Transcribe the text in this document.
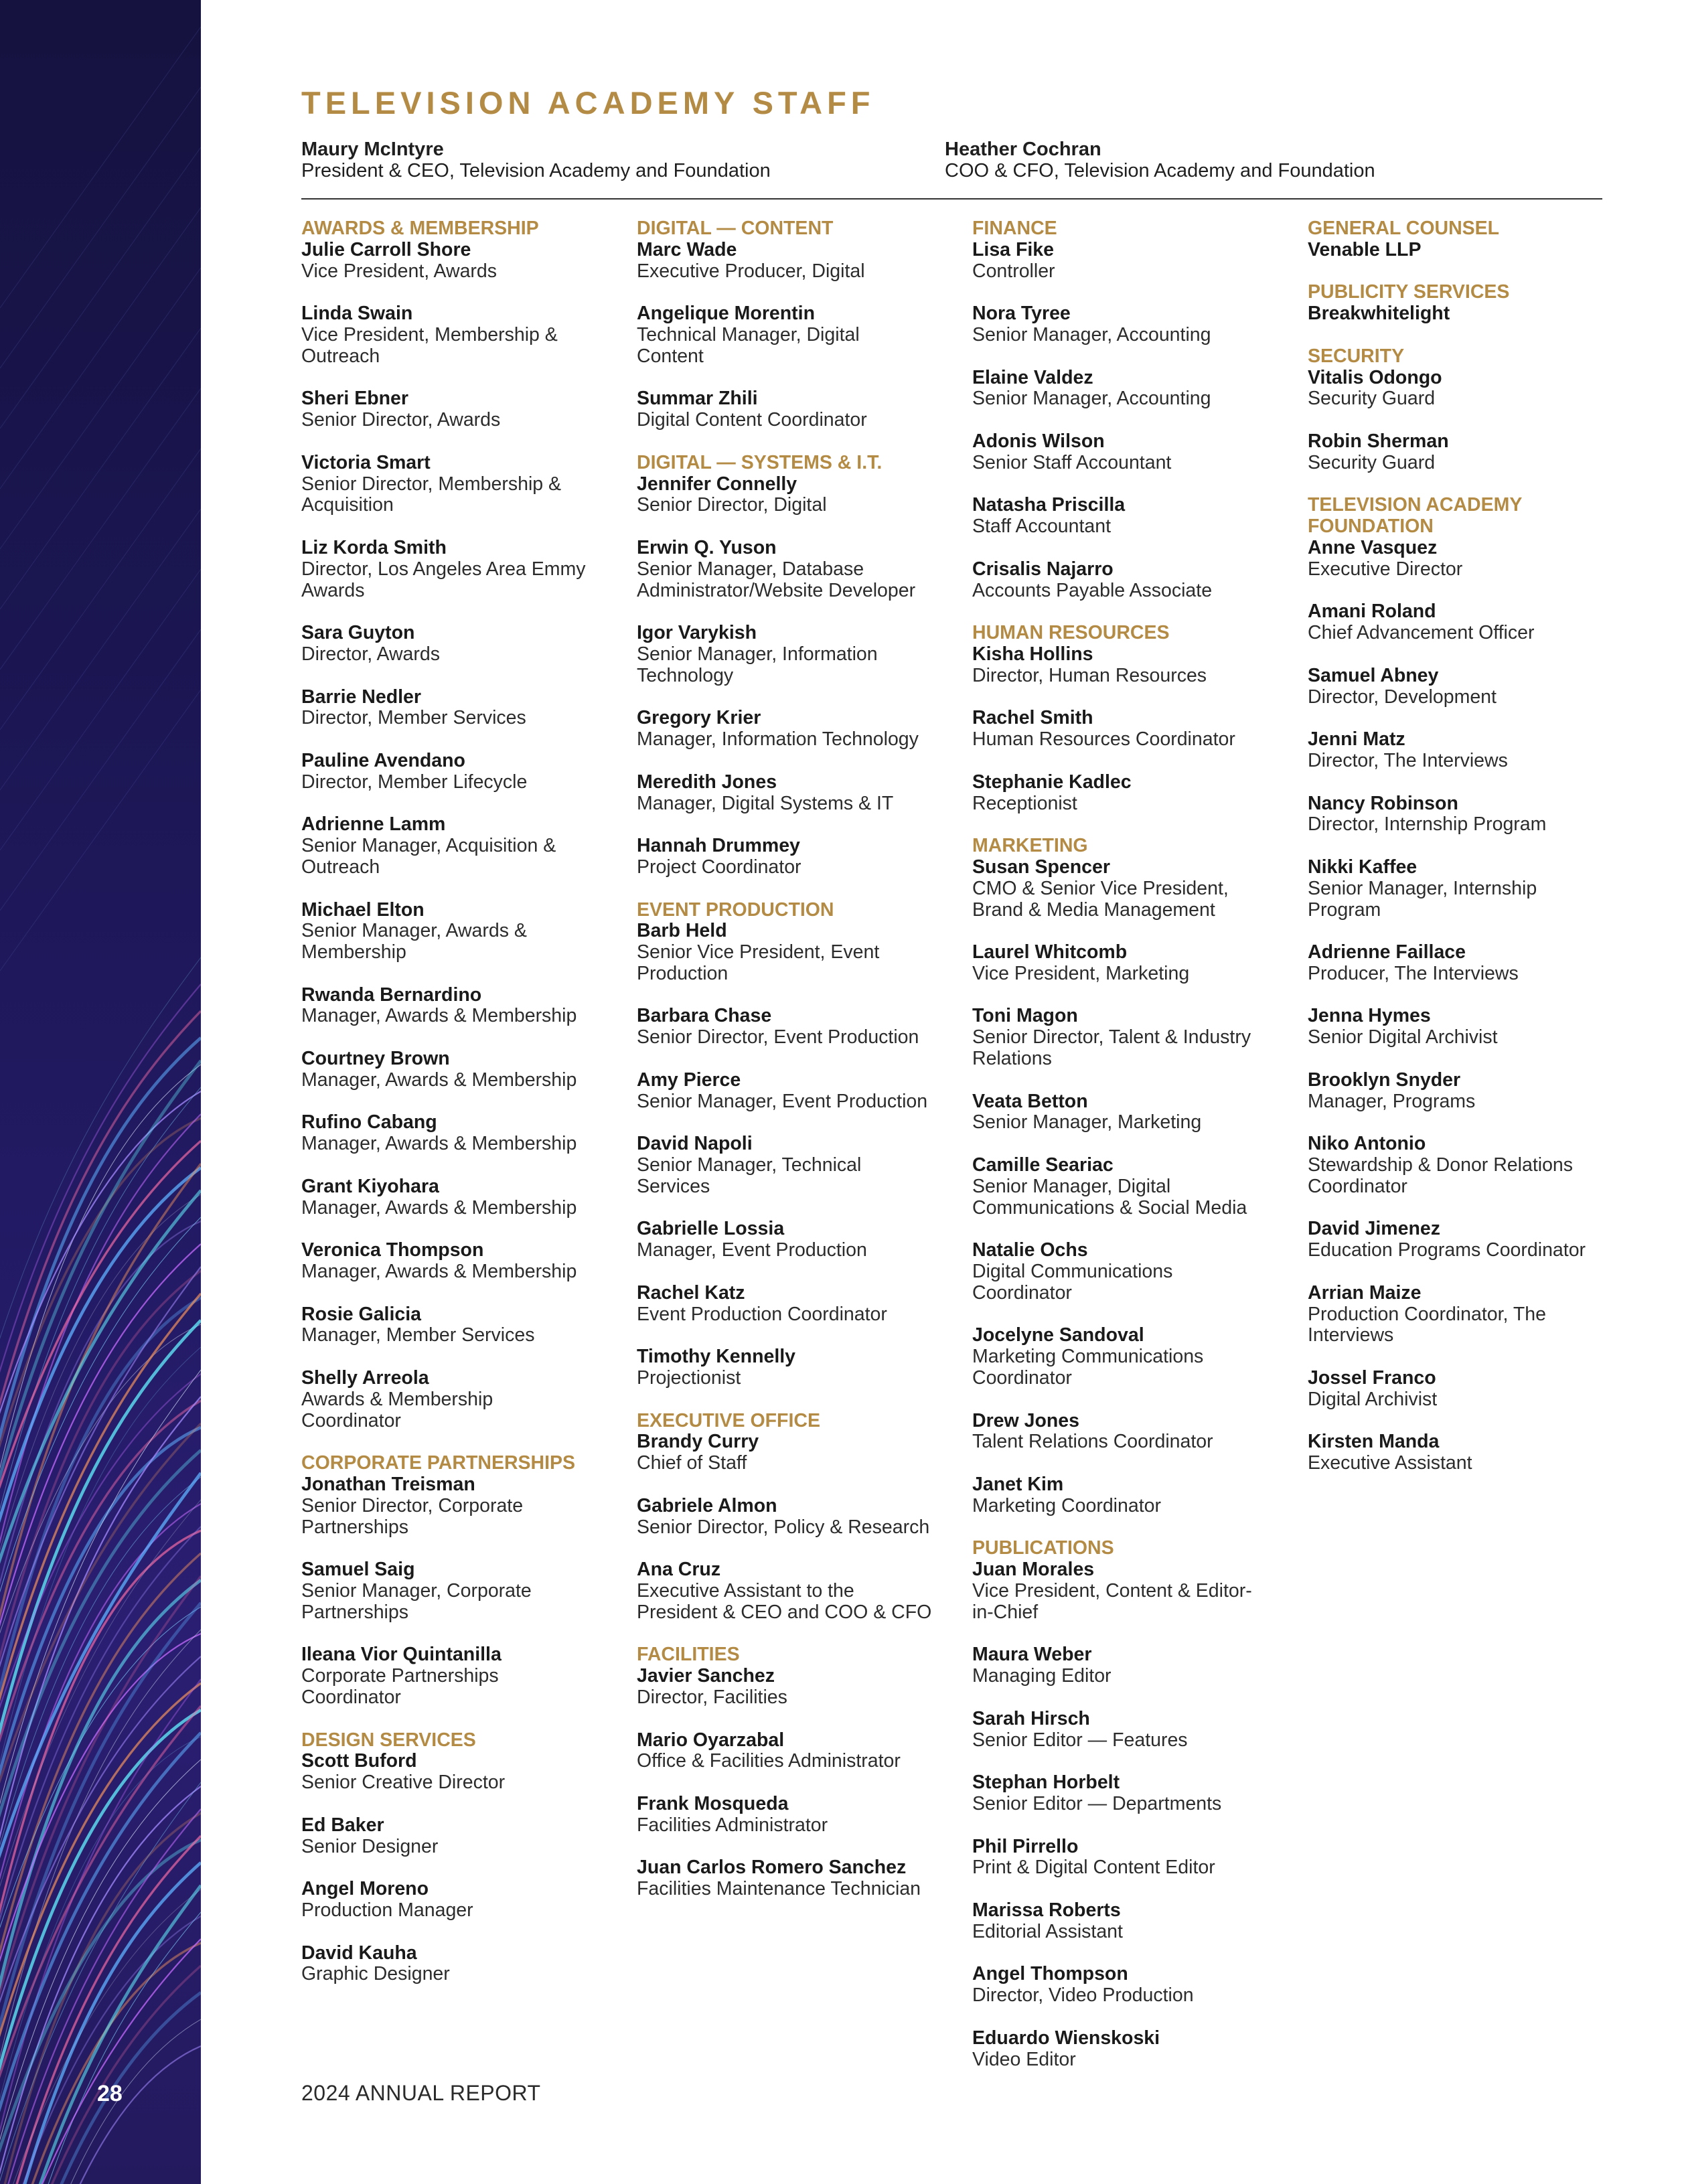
28
TELEVISION ACADEMY STAFF
Maury McIntyre
President & CEO, Television Academy and Foundation
Heather Cochran
COO & CFO, Television Academy and Foundation
AWARDS & MEMBERSHIP
Julie Carroll Shore
Vice President, Awards
Linda Swain
Vice President, Membership &
Outreach
Sheri Ebner
Senior Director, Awards
Victoria Smart
Senior Director, Membership &
Acquisition
Liz Korda Smith
Director, Los Angeles Area Emmy
Awards
Sara Guyton
Director, Awards
Barrie Nedler
Director, Member Services
Pauline Avendano
Director, Member Lifecycle
Adrienne Lamm
Senior Manager, Acquisition &
Outreach
Michael Elton
Senior Manager, Awards &
Membership
Rwanda Bernardino
Manager, Awards & Membership
Courtney Brown
Manager, Awards & Membership
Rufino Cabang
Manager, Awards & Membership
Grant Kiyohara
Manager, Awards & Membership
Veronica Thompson
Manager, Awards & Membership
Rosie Galicia
Manager, Member Services
Shelly Arreola
Awards & Membership
Coordinator
CORPORATE PARTNERSHIPS
Jonathan Treisman
Senior Director, Corporate
Partnerships
Samuel Saig
Senior Manager, Corporate
Partnerships
Ileana Vior Quintanilla
Corporate Partnerships
Coordinator
DESIGN SERVICES
Scott Buford
Senior Creative Director
Ed Baker
Senior Designer
Angel Moreno
Production Manager
David Kauha
Graphic Designer
DIGITAL — CONTENT
Marc Wade
Executive Producer, Digital
Angelique Morentin
Technical Manager, Digital
Content
Summar Zhili
Digital Content Coordinator
DIGITAL — SYSTEMS & I.T.
Jennifer Connelly
Senior Director, Digital
Erwin Q. Yuson
Senior Manager, Database
Administrator/Website Developer
Igor Varykish
Senior Manager, Information
Technology
Gregory Krier
Manager, Information Technology
Meredith Jones
Manager, Digital Systems & IT
Hannah Drummey
Project Coordinator
EVENT PRODUCTION
Barb Held
Senior Vice President, Event
Production
Barbara Chase
Senior Director, Event Production
Amy Pierce
Senior Manager, Event Production
David Napoli
Senior Manager, Technical
Services
Gabrielle Lossia
Manager, Event Production
Rachel Katz
Event Production Coordinator
Timothy Kennelly
Projectionist
EXECUTIVE OFFICE
Brandy Curry
Chief of Staff
Gabriele Almon
Senior Director, Policy & Research
Ana Cruz
Executive Assistant to the
President & CEO and COO & CFO
FACILITIES
Javier Sanchez
Director, Facilities
Mario Oyarzabal
Office & Facilities Administrator
Frank Mosqueda
Facilities Administrator
Juan Carlos Romero Sanchez
Facilities Maintenance Technician
FINANCE
Lisa Fike
Controller
Nora Tyree
Senior Manager, Accounting
Elaine Valdez
Senior Manager, Accounting
Adonis Wilson
Senior Staff Accountant
Natasha Priscilla
Staff Accountant
Crisalis Najarro
Accounts Payable Associate
HUMAN RESOURCES
Kisha Hollins
Director, Human Resources
Rachel Smith
Human Resources Coordinator
Stephanie Kadlec
Receptionist
MARKETING
Susan Spencer
CMO & Senior Vice President,
Brand & Media Management
Laurel Whitcomb
Vice President, Marketing
Toni Magon
Senior Director, Talent & Industry
Relations
Veata Betton
Senior Manager, Marketing
Camille Seariac
Senior Manager, Digital
Communications & Social Media
Natalie Ochs
Digital Communications
Coordinator
Jocelyne Sandoval
Marketing Communications
Coordinator
Drew Jones
Talent Relations Coordinator
Janet Kim
Marketing Coordinator
PUBLICATIONS
Juan Morales
Vice President, Content & Editor-
in-Chief
Maura Weber
Managing Editor
Sarah Hirsch
Senior Editor — Features
Stephan Horbelt
Senior Editor — Departments
Phil Pirrello
Print & Digital Content Editor
Marissa Roberts
Editorial Assistant
Angel Thompson
Director, Video Production
Eduardo Wienskoski
Video Editor
GENERAL COUNSEL
Venable LLP
PUBLICITY SERVICES
Breakwhitelight
SECURITY
Vitalis Odongo
Security Guard
Robin Sherman
Security Guard
TELEVISION ACADEMY FOUNDATION
Anne Vasquez
Executive Director
Amani Roland
Chief Advancement Officer
Samuel Abney
Director, Development
Jenni Matz
Director, The Interviews
Nancy Robinson
Director, Internship Program
Nikki Kaffee
Senior Manager, Internship
Program
Adrienne Faillace
Producer, The Interviews
Jenna Hymes
Senior Digital Archivist
Brooklyn Snyder
Manager, Programs
Niko Antonio
Stewardship & Donor Relations
Coordinator
David Jimenez
Education Programs Coordinator
Arrian Maize
Production Coordinator, The
Interviews
Jossel Franco
Digital Archivist
Kirsten Manda
Executive Assistant
2024 ANNUAL REPORT
